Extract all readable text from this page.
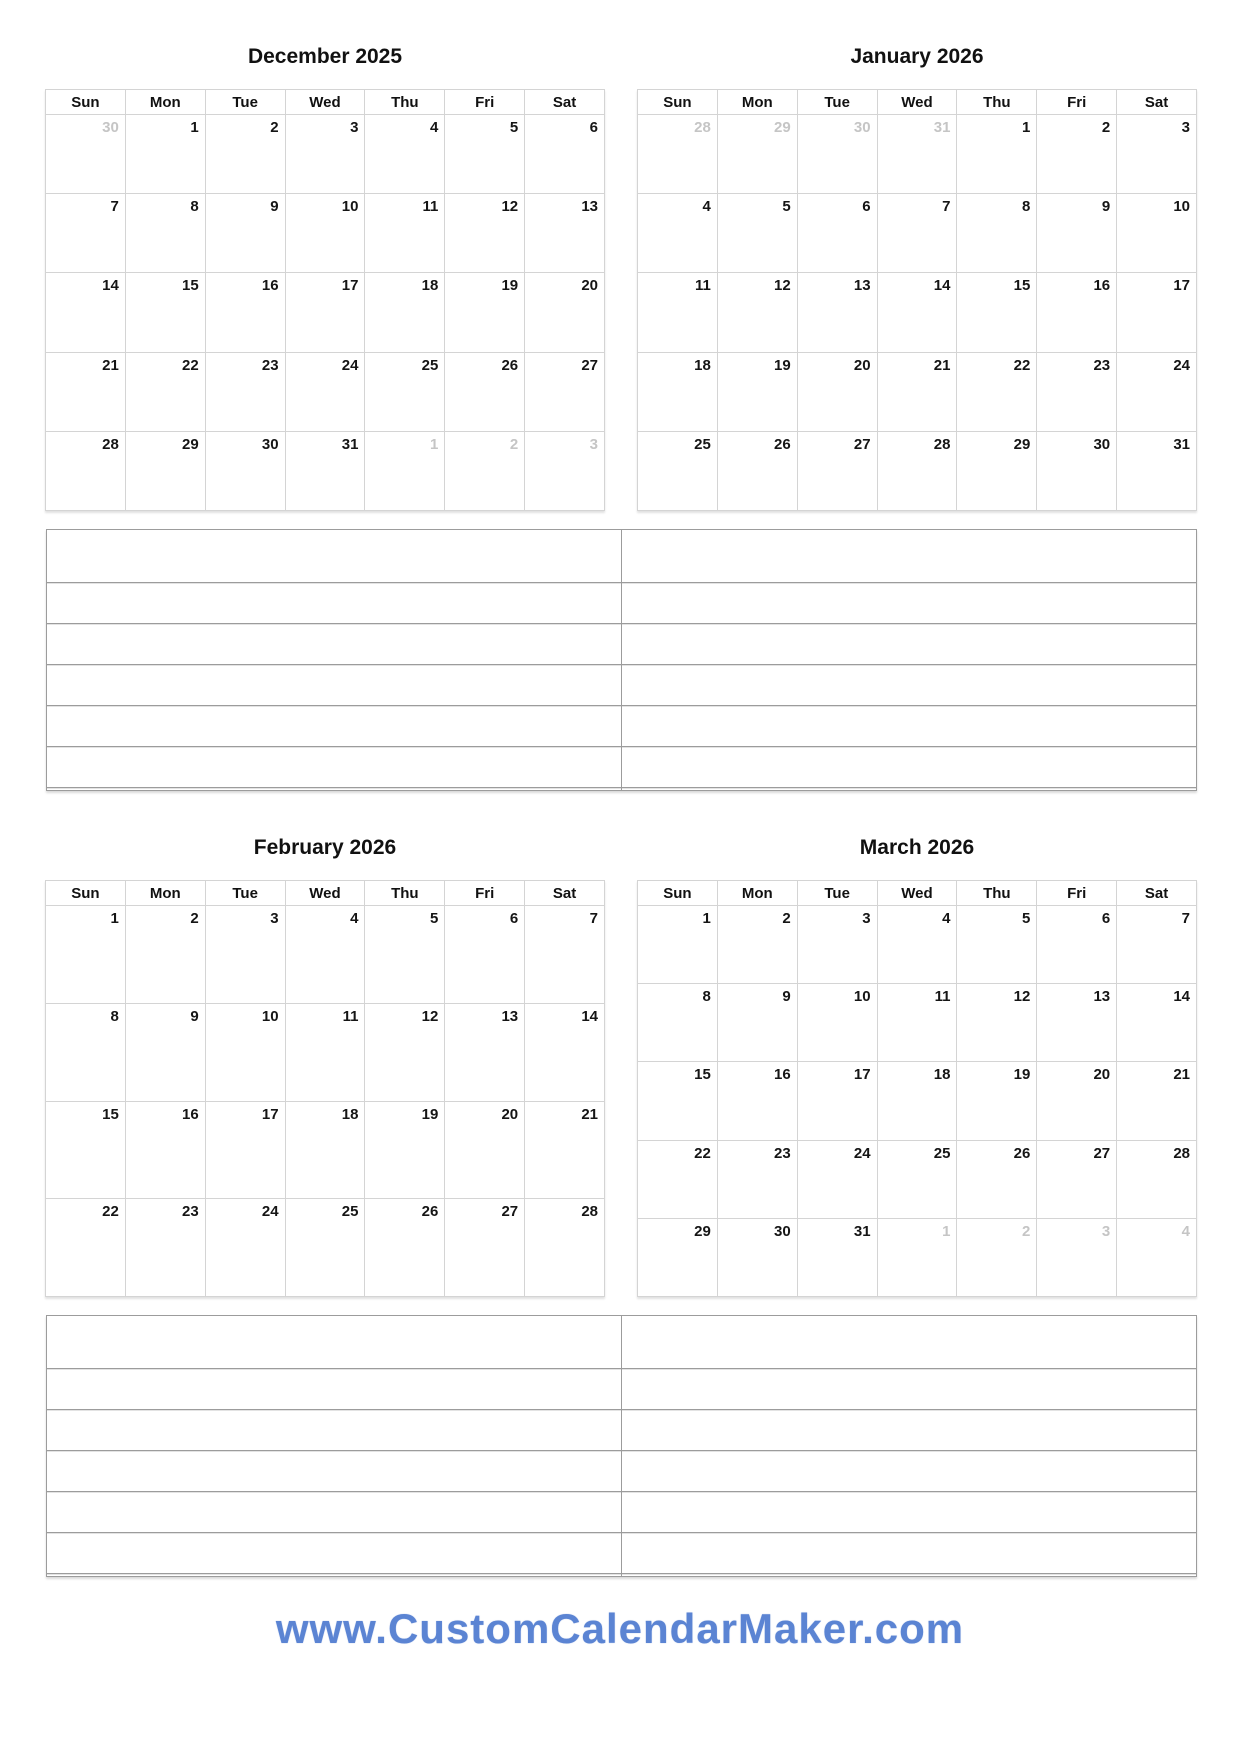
December 2025
Sun	Mon	Tue	Wed	Thu	Fri	Sat
30	1	2	3	4	5	6
7	8	9	10	11	12	13
14	15	16	17	18	19	20
21	22	23	24	25	26	27
28	29	30	31	1	2	3
January 2026
Sun	Mon	Tue	Wed	Thu	Fri	Sat
28	29	30	31	1	2	3
4	5	6	7	8	9	10
11	12	13	14	15	16	17
18	19	20	21	22	23	24
25	26	27	28	29	30	31
February 2026
Sun	Mon	Tue	Wed	Thu	Fri	Sat
1	2	3	4	5	6	7
8	9	10	11	12	13	14
15	16	17	18	19	20	21
22	23	24	25	26	27	28
March 2026
Sun	Mon	Tue	Wed	Thu	Fri	Sat
1	2	3	4	5	6	7
8	9	10	11	12	13	14
15	16	17	18	19	20	21
22	23	24	25	26	27	28
29	30	31	1	2	3	4
www.CustomCalendarMaker.com
